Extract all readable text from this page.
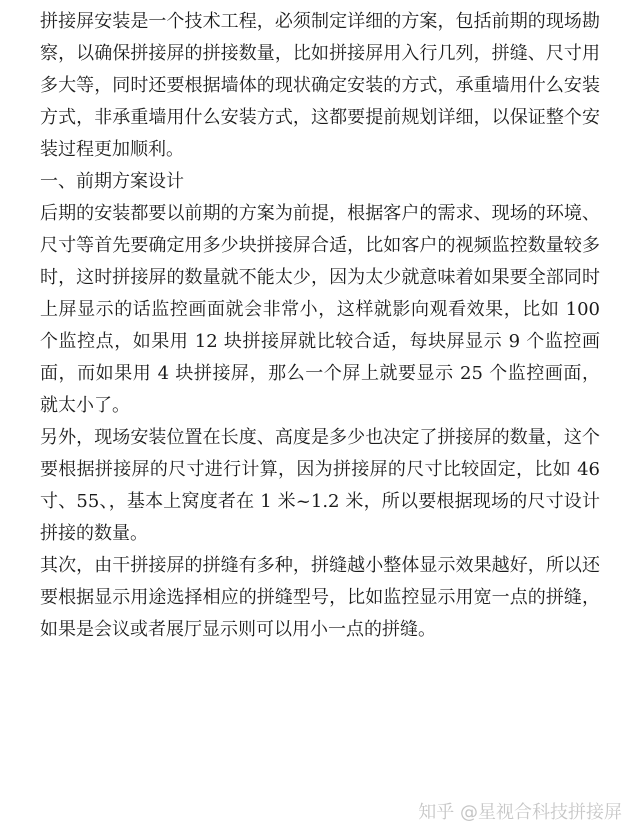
拼接屏安装是一个技术工程，必须制定详细的方案，包括前期的现场勘察，以确保拼接屏的拼接数量，比如拼接屏用入行几列，拼缝、尺寸用多大等，同时还要根据墙体的现状确定安装的方式，承重墙用什么安装方式，非承重墙用什么安装方式，这都要提前规划详细，以保证整个安装过程更加顺利。

一、前期方案设计

后期的安装都要以前期的方案为前提，根据客户的需求、现场的环境、尺寸等首先要确定用多少块拼接屏合适，比如客户的视频监控数量较多时，这时拼接屏的数量就不能太少，因为太少就意味着如果要全部同时上屏显示的话监控画面就会非常小，这样就影向观看效果，比如 100 个监控点，如果用 12 块拼接屏就比较合适，每块屏显示 9 个监控画面，而如果用 4 块拼接屏，那么一个屏上就要显示 25 个监控画面，就太小了。

另外，现场安装位置在长度、高度是多少也决定了拼接屏的数量，这个要根据拼接屏的尺寸进行计算，因为拼接屏的尺寸比较固定，比如 46 寸、55、，基本上窝度者在 1 米~1.2 米，所以要根据现场的尺寸设计拼接的数量。

其次，由干拼接屏的拼缝有多种，拼缝越小整体显示效果越好，所以还要根据显示用途选择相应的拼缝型号，比如监控显示用宽一点的拼缝，如果是会议或者展厅显示则可以用小一点的拼缝。

知乎 @星视合科技拼接屏
